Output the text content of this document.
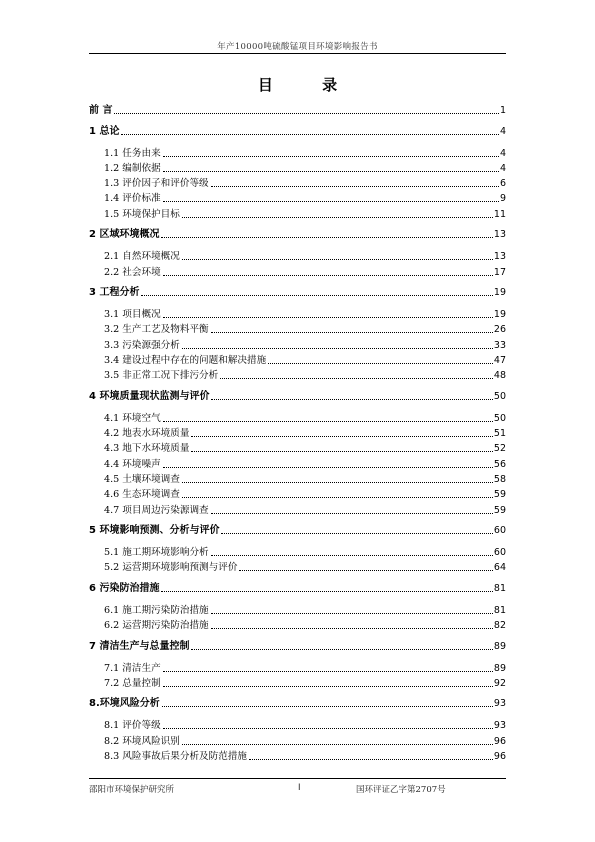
年产10000吨硫酸锰项目环境影响报告书
目 录
前 言	1
1 总论	4
1.1 任务由来	4
1.2 编制依据	4
1.3 评价因子和评价等级	6
1.4 评价标准	9
1.5 环境保护目标	11
2 区域环境概况	13
2.1 自然环境概况	13
2.2 社会环境	17
3 工程分析	19
3.1 项目概况	19
3.2 生产工艺及物料平衡	26
3.3 污染源强分析	33
3.4 建设过程中存在的问题和解决措施	47
3.5 非正常工况下排污分析	48
4 环境质量现状监测与评价	50
4.1 环境空气	50
4.2 地表水环境质量	51
4.3 地下水环境质量	52
4.4 环境噪声	56
4.5 土壤环境调查	58
4.6 生态环境调查	59
4.7 项目周边污染源调查	59
5 环境影响预测、分析与评价	60
5.1 施工期环境影响分析	60
5.2 运营期环境影响预测与评价	64
6 污染防治措施	81
6.1 施工期污染防治措施	81
6.2 运营期污染防治措施	82
7 清洁生产与总量控制	89
7.1 清洁生产	89
7.2 总量控制	92
8.环境风险分析	93
8.1 评价等级	93
8.2 环境风险识别	96
8.3 风险事故后果分析及防范措施	96
邵阳市环境保护研究所	I	国环评证乙字第2707号
